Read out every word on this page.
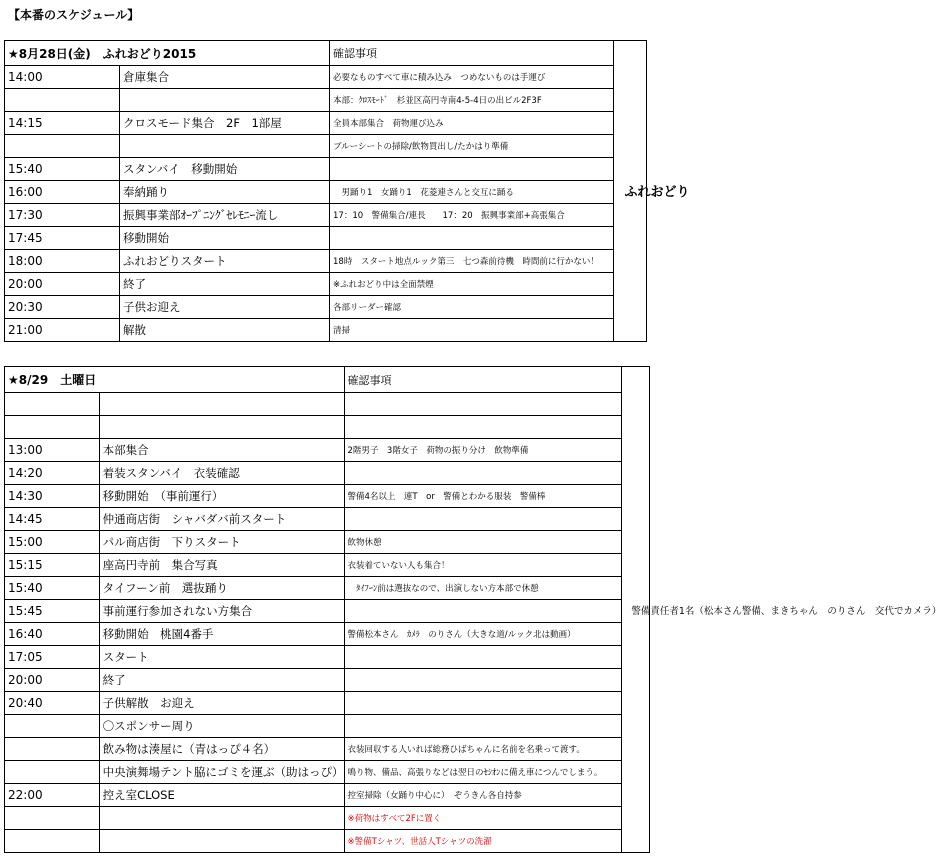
【本番のスケジュール】
★8月28日(金)　ふれおどり2015		確認事項	ふれおどり
14:00	倉庫集合	必要なものすべて車に積み込み　つめないものは手運び	
		本部：ｸﾛｽﾓｰﾄﾞ　杉並区高円寺南4-5-4日の出ビル2F3F	
14:15	クロスモード集合　2F　1部屋	全員本部集合　荷物運び込み	
		ブルーシートの掃除/飲物買出し/たかはり準備	
15:40	スタンバイ　移動開始		
16:00	奉納踊り	　男踊り1　女踊り1　花菱連さんと交互に踊る	
17:30	振興事業部ｵｰﾌﾟﾆﾝｸﾞｾﾚﾓﾆｰ流し	17：10　警備集合/連長　　17：20　振興事業部+高張集合	
17:45	移動開始		
18:00	ふれおどりスタート	18時　スタート地点ルック第三　七つ森前待機　時間前に行かない！	
20:00	終了	※ふれおどり中は全面禁煙	
20:30	子供お迎え	各部リーダー確認	
21:00	解散	清掃	
★8/29　土曜日		確認事項	警備責任者1名（松本さん警備、まきちゃん　のりさん　交代でカメラ）

13:00	本部集合	2階男子　3階女子　荷物の振り分け　飲物準備	
14:20	着装スタンバイ　衣装確認		
14:30	移動開始　（事前運行）	警備4名以上　連T　or　警備とわかる服装　警備棒	
14:45	仲通商店街　シャバダバ前スタート		
15:00	パル商店街　下りスタート	飲物休憩	
15:15	座高円寺前　集合写真	衣装着ていない人も集合！	
15:40	タイフーン前　選抜踊り	　ﾀｲﾌｰﾝ前は選抜なので、出演しない方本部で休憩	
15:45	事前運行参加されない方集合		
16:40	移動開始　桃園4番手	警備松本さん　ｶﾒﾗ　のりさん（大きな道/ルック北は動画）	
17:05	スタート		
20:00	終了		
20:40	子供解散　お迎え		
	〇スポンサー周り		
	飲み物は湊屋に（青はっぴ４名）	衣装回収する人いれば総務ひばちゃんに名前を名乗って渡す。	
	中央演舞場テント脇にゴミを運ぶ（助はっぴ）	鳴り物、備品、高張りなどは翌日のｾｼｵﾝに備え車につんでしまう。	
22:00	控え室CLOSE	控室掃除（女踊り中心に）　ぞうきん各自持参	
		※荷物はすべて2Fに置く	
		※警備Tシャツ、世話人Tシャツの洗濯	
